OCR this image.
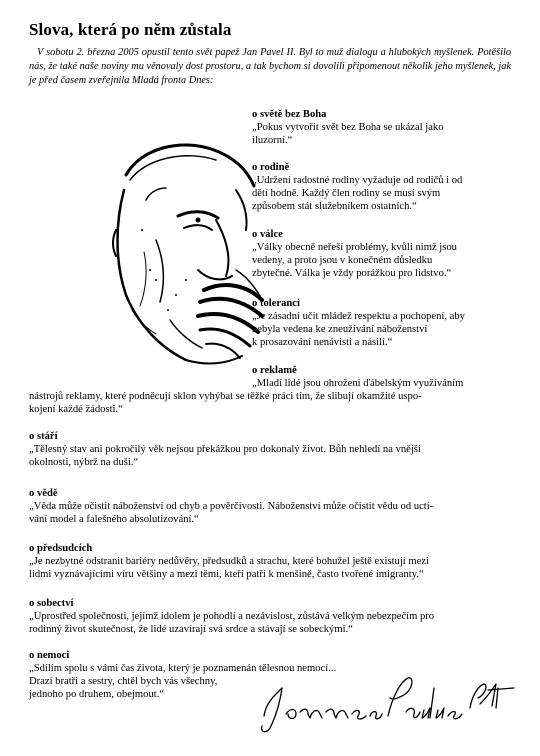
Slova, která po něm zůstala

V sobotu 2. března 2005 opustil tento svět papež Jan Pavel II. Byl to muž dialogu a hlubokých myšlenek. Potěšilo nás, že také naše noviny mu věnovaly dost prostoru, a tak bychom si dovolili připomenout několik jeho myšlenek, jak je před časem zveřejnila Mladá fronta Dnes:

o světě bez Boha
„Pokus vytvořit svět bez Boha se ukázal jako
iluzorní.“
o rodině
„Udržení radostné rodiny vyžaduje od rodičů i od
dětí hodně. Každý člen rodiny se musí svým
způsobem stát služebníkem ostatních.“
o válce
„Války obecně neřeší problémy, kvůli nimž jsou
vedeny, a proto jsou v konečném důsledku
zbytečné. Válka je vždy porážkou pro lidstvo.“
o toleranci
„Je zásadní učit mládež respektu a pochopení, aby
nebyla vedena ke zneužívání náboženství
k prosazování nenávisti a násilí.“
o reklamě
„Mladí lidé jsou ohroženi ďábelským využíváním
nástrojů reklamy, které podněcují sklon vyhýbat se těžké práci tím, že slibují okamžité uspo-
kojení každé žádosti.“
o stáří
„Tělesný stav ani pokročilý věk nejsou překážkou pro dokonalý život. Bůh nehledí na vnější
okolnosti, nýbrž na duši.“
o vědě
„Věda může očistit náboženství od chyb a pověrčivosti. Náboženství může očistit vědu od uctí-
vání model a falešného absolutizování.“
o předsudcích
„Je nezbytné odstranit bariéry nedůvěry, předsudků a strachu, které bohužel ještě existují mezi
lidmi vyznávajícími víru většiny a mezi těmi, kteří patří k menšině, často tvořené imigranty.“
o sobectví
„Uprostřed společnosti, jejímž idolem je pohodlí a nezávislost, zůstává velkým nebezpečím pro
rodinný život skutečnost, že lidé uzavírají svá srdce a stávají se sobeckými.“
o nemoci
„Sdílím spolu s vámi čas života, který je poznamenán tělesnou nemocí...
Drazí bratři a sestry, chtěl bych vás všechny,
jednoho po druhem, obejmout.“
